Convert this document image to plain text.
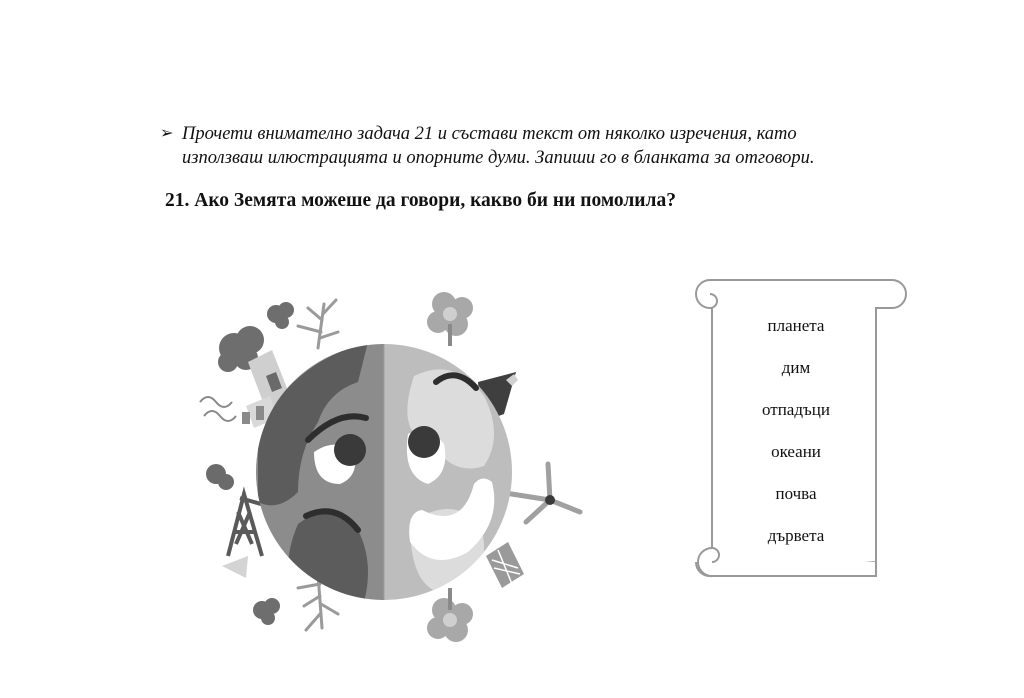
➢ Прочети внимателно задача 21 и състави текст от няколко изречения, като
използваш илюстрацията и опорните думи. Запиши го в бланката за отговори.
21. Ако Земята можеше да говори, какво би ни помолила?
планета
дим
отпадъци
океани
почва
дървета
